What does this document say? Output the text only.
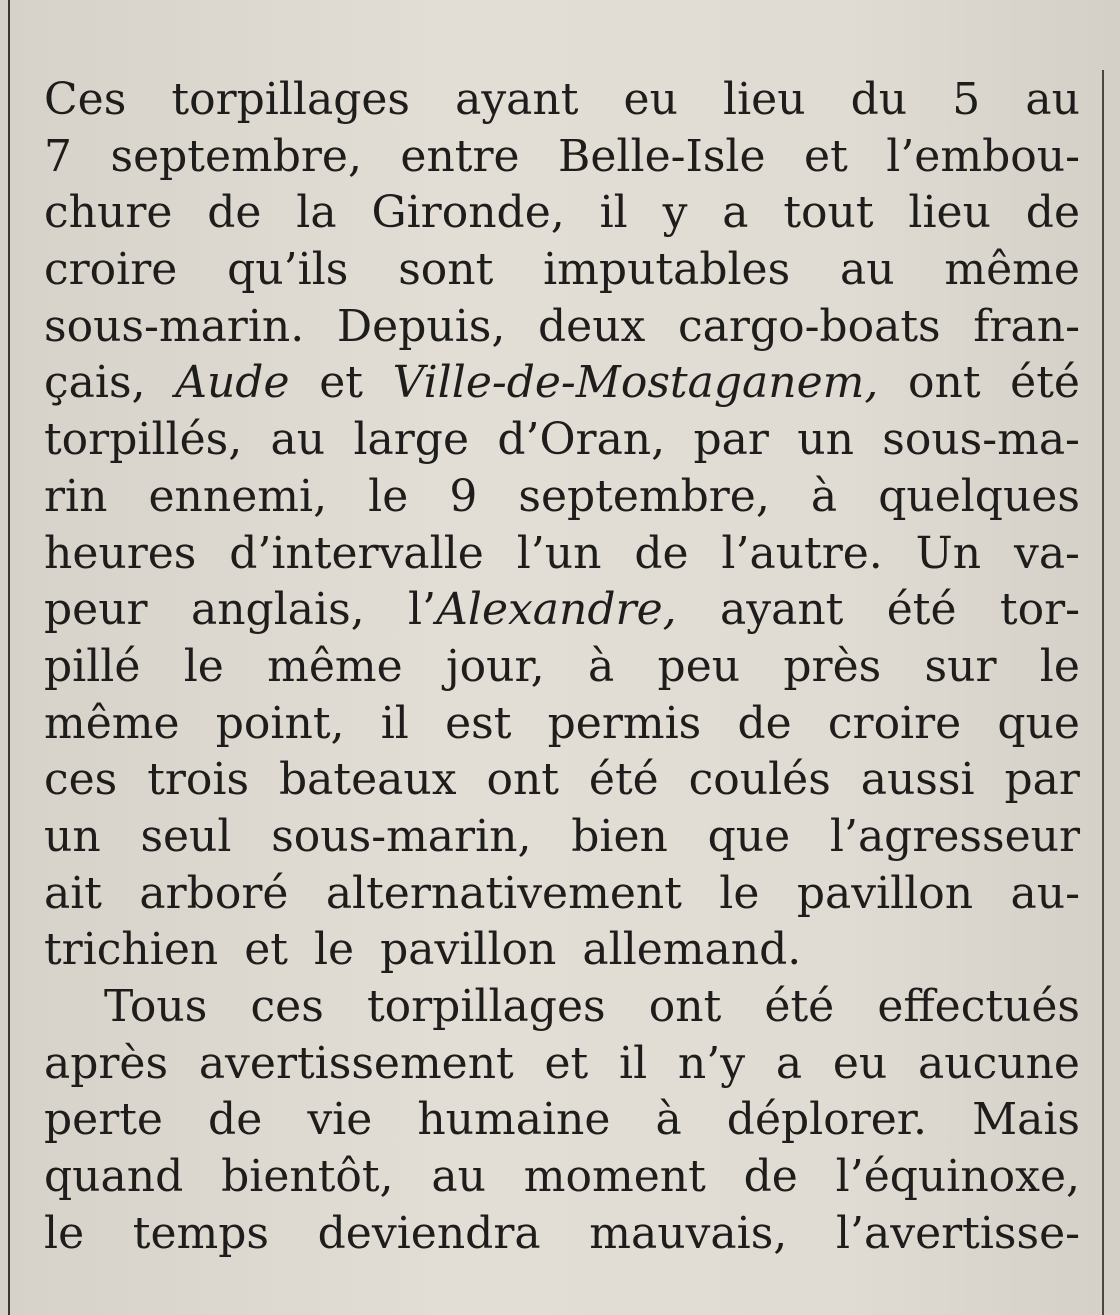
Ces torpillages ayant eu lieu du 5 au
7 septembre, entre Belle-Isle et l’embou-
chure de la Gironde, il y a tout lieu de
croire qu’ils sont imputables au même
sous-marin. Depuis, deux cargo-boats fran-
çais, Aude et Ville-de-Mostaganem, ont été
torpillés, au large d’Oran, par un sous-ma-
rin ennemi, le 9 septembre, à quelques
heures d’intervalle l’un de l’autre. Un va-
peur anglais, l’Alexandre, ayant été tor-
pillé le même jour, à peu près sur le
même point, il est permis de croire que
ces trois bateaux ont été coulés aussi par
un seul sous-marin, bien que l’agresseur
ait arboré alternativement le pavillon au-
trichien et le pavillon allemand.
Tous ces torpillages ont été effectués
après avertissement et il n’y a eu aucune
perte de vie humaine à déplorer. Mais
quand bientôt, au moment de l’équinoxe,
le temps deviendra mauvais, l’avertisse-
